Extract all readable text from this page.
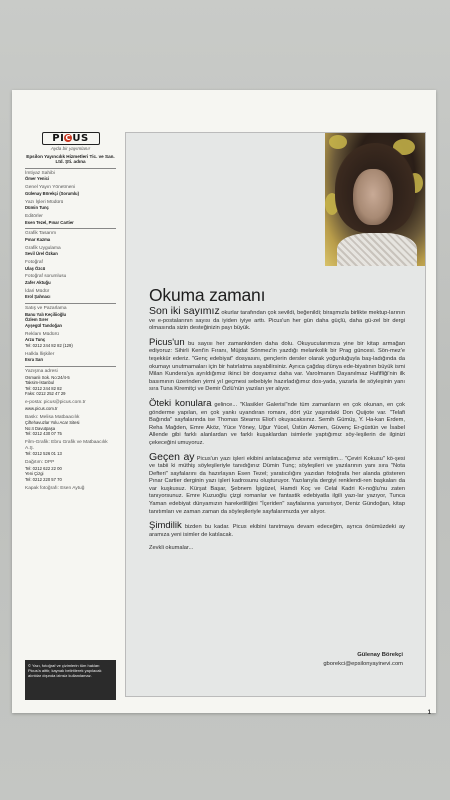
PİCUS
Ayda bir yayımlanır
Epsilon Yayıncılık Hizmetleri Tic. ve San. Ltd. Şti. adına
İmtiyaz Sahibi
Ömer Yenici
Genel Yayın Yönetmeni
Gülenay Börekçi (Sorumlu)
Yazı İşleri Müdürü
Dümin Tunç
Editörler
Esen Tezel, Pınar Cartier
Grafik Tasarım
Pınar Kazma
Grafik Uygulama
Sevil Ürel Özkan
Fotoğraf
Ulaş Özcü
Fotoğraf sorumlusu
Zafer Aktuğu
İdari Müdür
Erol Şahnacı
Satış ve Pazarlama
Banu Yalı Keçiliioğlu
Özlem Sırer
Ayşegül Tandoğan
Reklam Müdürü
Arzu Tunç
Tel: 0212 244 82 82 (129)
Halkla İlişkiler
Esra Sarı
Yazışma adresi
Osmanlı Sok. No:24/4-5
Taksim-İstanbul
Tel: 0212 244 82 82
Faks: 0212 252 47 29
e-posta: picus@picus.com.tr
www.picus.com.tr
Baskı: Melisa Matbaacılık
Çiftehavuzlar Yolu Acar Sitesi
No:4 Davutpaşa
Tel: 0212 430 07 75
Film-Grafik: Ebru Grafik ve Matbaacılık A.Ş.
Tel: 0212 526 01 13
Dağıtım: DPP
Tel: 0212 622 22 00
Yeni Çizgi
Tel: 0212 220 57 70
Kapak fotoğrafı: Esen Aytuğ
© Yazı, fotoğraf ve çizimlerin tüm hakları Picus'a aittir, kaynak belirtilerek yapılacak alıntılar dışında izinsiz kullanılamaz.
Okuma zamanı

Son iki sayımız okurlar tarafından çok sevildi, beğenildi; biraşmızla birlikte mektup-larının ve e-postalarının sayısı da iyiden iyiye arttı. Picus'un her gün daha güçlü, daha gü-zel bir dergi olmasında sizin desteğinizin payı büyük.

Picus'un bu sayısı her zamankinden daha dolu. Okuyucularımıza yine bir kitap armağan ediyoruz: Sihirli Kent'in Fıranı, Müjdat Sönmez'in yazdığı melankolik bir Prag güncesi. Sön-mez'e teşekkür ederiz. "Genç edebiyat" dosyasını, gençlerin dersler olarak yoğunluğuyla baş-ladığında da okumayı unutmamaları için bir hatırlatma sayabilirsiniz. Ayrıca çağdaş dünya ede-biyatının büyük ismi Milan Kundera'ya ayrıldığımız ikinci bir dosyamız daha var. Varolmanın Dayanılmaz Hafifliği'nin ilk basımının üzerinden yirmi yıl geçmesi sebebiyle hazırladığımız dos-yada, yazarla ile söyleşinin yanı sıra Tuna Kiremitçi ve Demir Özlü'nün yazıları yer alıyor.

Öteki konulara gelince... "Klasikler Galerisi"nde tüm zamanların en çok okunan, en çok gönderme yapılan, en çok yankı uyandıran romanı, dört yüz yaşındaki Don Quijote var. "Telafi Bağında" sayfalarında ise Thomas Stearns Eliot'ı okuyacaksınız. Semih Gümüş, Y. Ha-kan Erdem, Reha Mağden, Emre Aköz, Yüce Yöney, Uğur Yücel, Üstün Akmen, Güvenç Er-güstün ve İsabel Allende gibi farklı alanlardan ve farklı kuşaklardan isimlerle yaptığımız söy-leşilerin de ilginizi çekeceğini umuyoruz.

Geçen ay Picus'un yazı işleri ekibini anlatacağımız söz vermiştim... "Çeviri Kokusu" kö-şesi ve tabii ki müthiş söyleşileriyle tanıdığınız Dümin Tunç; söyleşileri ve yazılarının yanı sıra "Nota Defteri" sayfalarını da hazırlayan Esen Tezel; yaratıcılığını yazıdan fotoğrafa her alanda gösteren Pınar Cartier derginin yazı işleri kadrosunu oluşturuyor. Yazılarıyla dergiyi renklendi-ren başkaları da var kuşkusuz. Kürşat Başar, Şebnem İşigüzel, Hamdi Koç ve Celal Kadri Kı-noğlu'nu zaten tanıyorsunuz. Emre Kuzuoğlu çizgi romanlar ve fantastik edebiyatla ilgili yazı-lar yazıyor, Tunca Yaman edebiyat dünyamızın hareketliliğini "İçeriden" sayfalarına yansıtıyor, Deniz Gündoğan, kitap tanıtımları ve zaman zaman da söyleşileriyle sayfalarımızda yer alıyor.

Şimdilik bizden bu kadar. Picus ekibini tanıtmaya devam edeceğim, ayrıca önümüzdeki ay aramıza yeni isimler de katılacak.

Zevkli okumalar...

Gülenay Börekçi
gborekci@epsilonyayinevi.com
1
